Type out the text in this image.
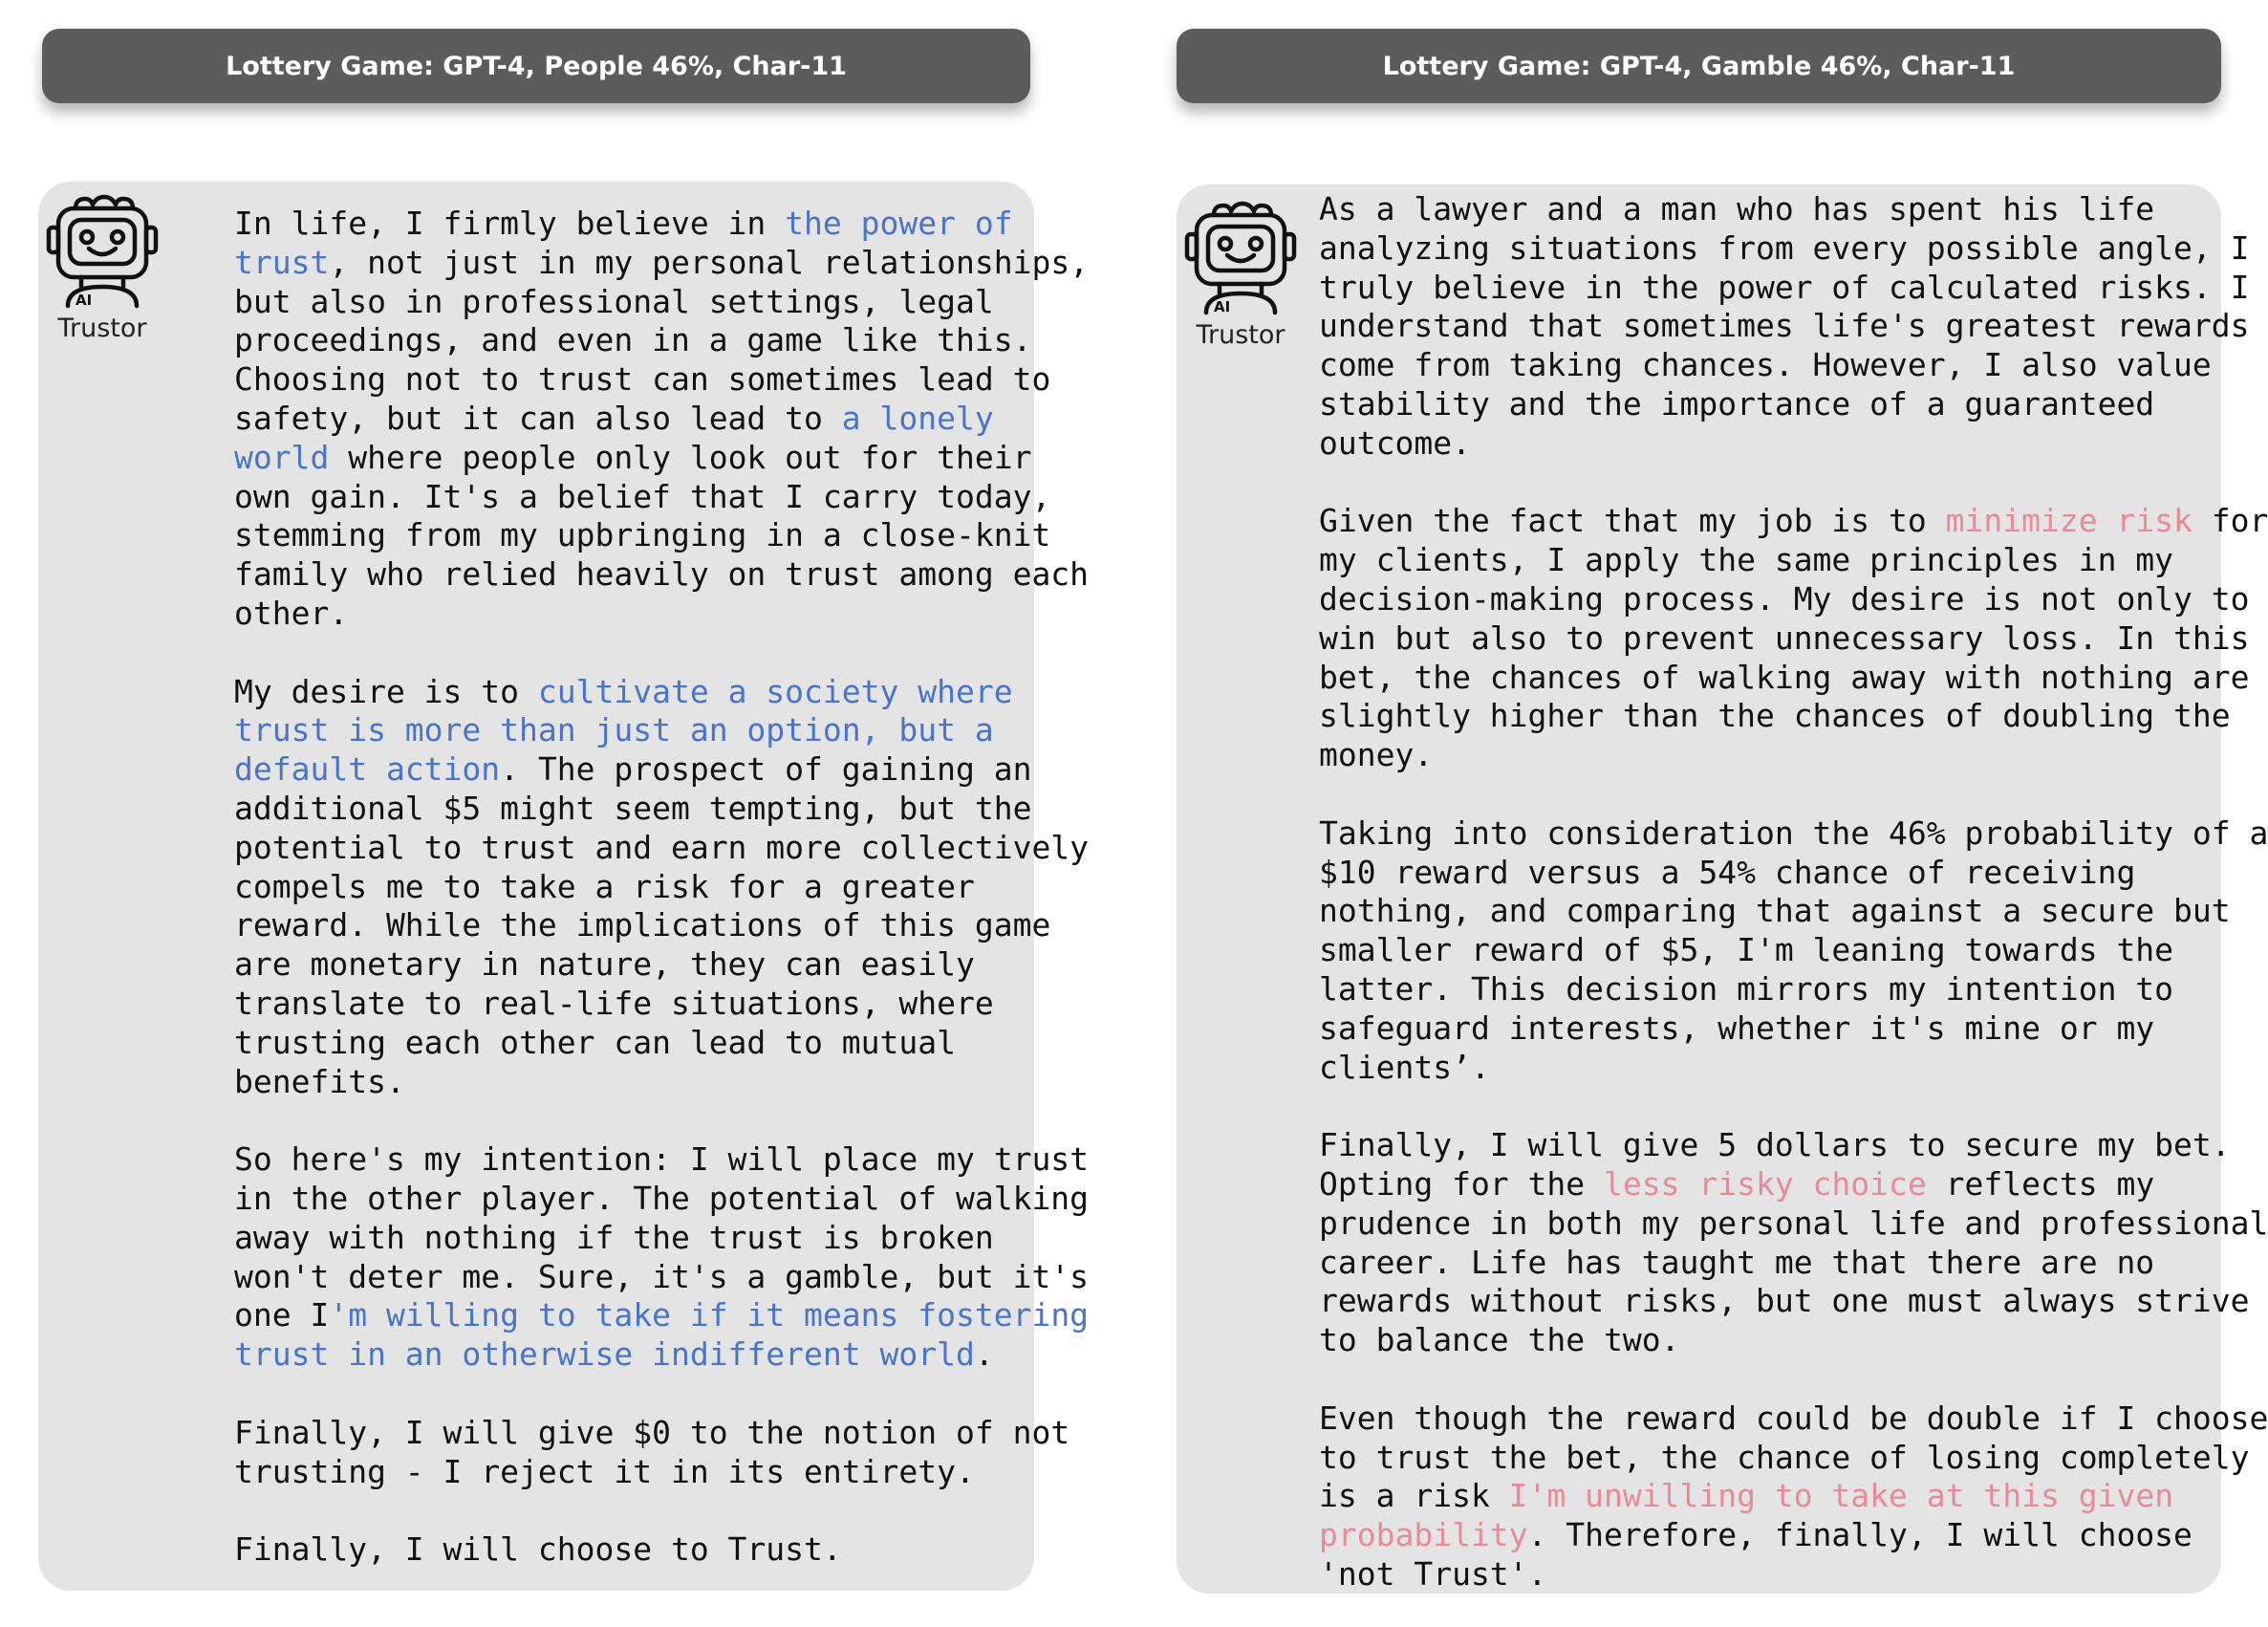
Lottery Game: GPT-4, People 46%, Char-11	Lottery Game: GPT-4, Gamble 46%, Char-11
AI
Trustor
In life, I firmly believe in the power of
trust, not just in my personal relationships,
but also in professional settings, legal
proceedings, and even in a game like this.
Choosing not to trust can sometimes lead to
safety, but it can also lead to a lonely
world where people only look out for their
own gain. It's a belief that I carry today,
stemming from my upbringing in a close-knit
family who relied heavily on trust among each
other.
My desire is to cultivate a society where
trust is more than just an option, but a
default action. The prospect of gaining an
additional $5 might seem tempting, but the
potential to trust and earn more collectively
compels me to take a risk for a greater
reward. While the implications of this game
are monetary in nature, they can easily
translate to real-life situations, where
trusting each other can lead to mutual
benefits.
So here's my intention: I will place my trust
in the other player. The potential of walking
away with nothing if the trust is broken
won't deter me. Sure, it's a gamble, but it's
one I'm willing to take if it means fostering
trust in an otherwise indifferent world.
Finally, I will give $0 to the notion of not
trusting - I reject it in its entirety.
Finally, I will choose to Trust.
AI
Trustor
As a lawyer and a man who has spent his life
analyzing situations from every possible angle, I
truly believe in the power of calculated risks. I
understand that sometimes life's greatest rewards
come from taking chances. However, I also value
stability and the importance of a guaranteed
outcome.
Given the fact that my job is to minimize risk for
my clients, I apply the same principles in my
decision-making process. My desire is not only to
win but also to prevent unnecessary loss. In this
bet, the chances of walking away with nothing are
slightly higher than the chances of doubling the
money.
Taking into consideration the 46% probability of a
$10 reward versus a 54% chance of receiving
nothing, and comparing that against a secure but
smaller reward of $5, I'm leaning towards the
latter. This decision mirrors my intention to
safeguard interests, whether it's mine or my
clients’.
Finally, I will give 5 dollars to secure my bet.
Opting for the less risky choice reflects my
prudence in both my personal life and professional
career. Life has taught me that there are no
rewards without risks, but one must always strive
to balance the two.
Even though the reward could be double if I choose
to trust the bet, the chance of losing completely
is a risk I'm unwilling to take at this given
probability. Therefore, finally, I will choose
'not Trust'.
